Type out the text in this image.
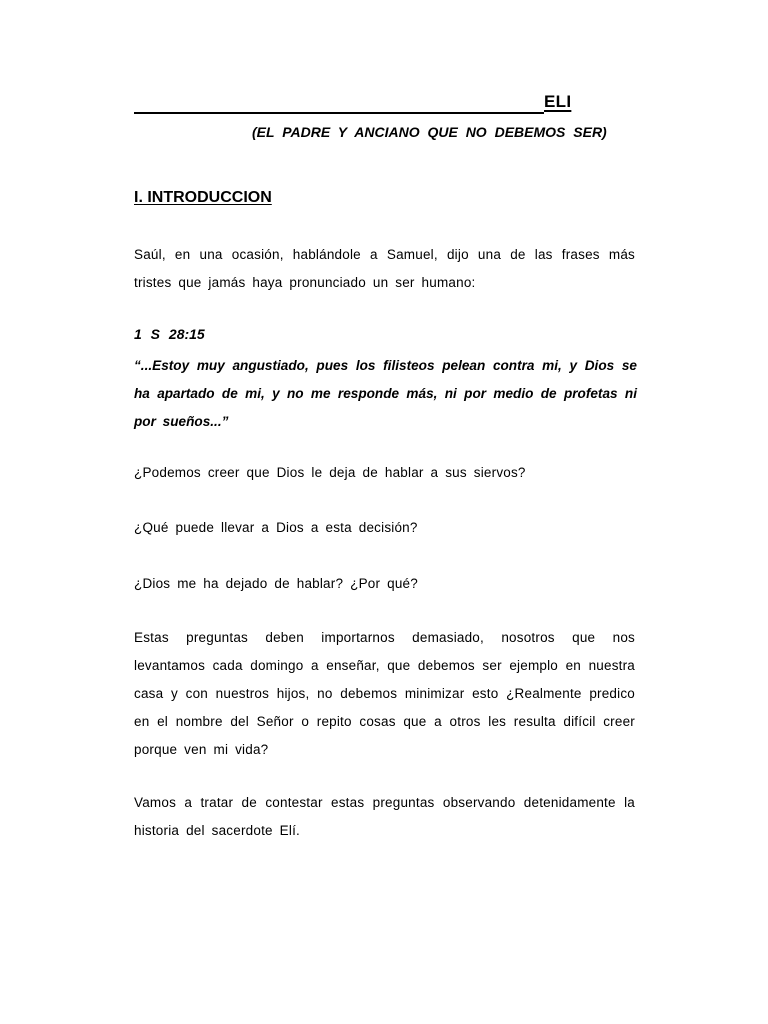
ELI
(EL PADRE Y ANCIANO QUE NO DEBEMOS SER)
I. INTRODUCCION
Saúl, en una ocasión, hablándole a Samuel, dijo una de las frases más tristes que jamás haya pronunciado un ser humano:
1 S 28:15
“...Estoy muy angustiado, pues los filisteos pelean contra mi, y Dios se ha apartado de mi, y no me responde más, ni por medio de profetas ni por sueños...”
¿Podemos creer que Dios le deja de hablar a sus siervos?
¿Qué puede llevar a Dios a esta decisión?
¿Dios me ha dejado de hablar? ¿Por qué?
Estas preguntas deben importarnos demasiado, nosotros que nos levantamos cada domingo a enseñar, que debemos ser ejemplo en nuestra casa y con nuestros hijos, no debemos minimizar esto ¿Realmente predico en el nombre del Señor o repito cosas que a otros les resulta difícil creer porque ven mi vida?
Vamos a tratar de contestar estas preguntas observando detenidamente la historia del sacerdote Elí.
